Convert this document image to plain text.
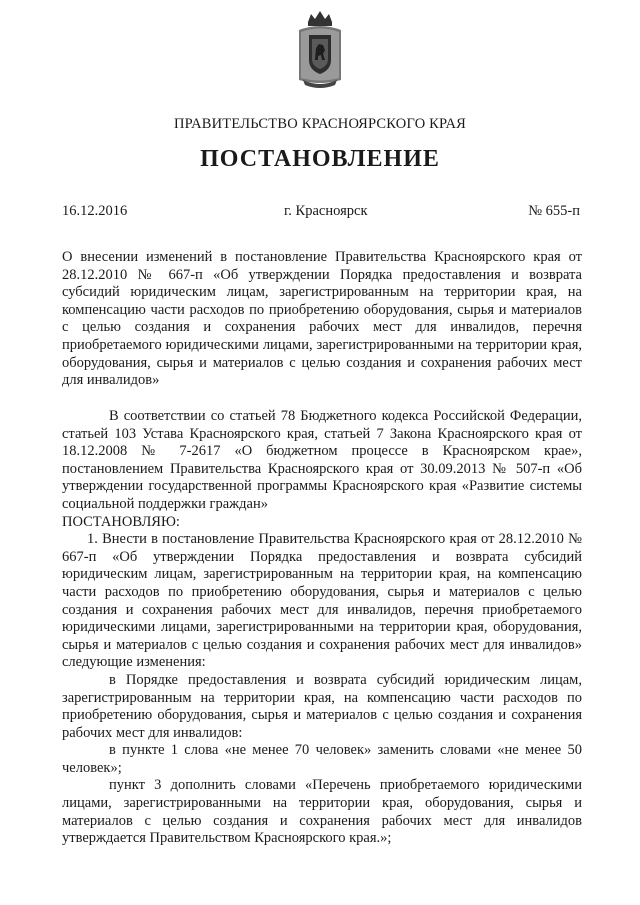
ПРАВИТЕЛЬСТВО КРАСНОЯРСКОГО КРАЯ
ПОСТАНОВЛЕНИЕ
16.12.2016	г. Красноярск	№ 655-п
О внесении изменений в постановление Правительства Красноярского края от 28.12.2010 № 667-п «Об утверждении Порядка предоставления и возврата субсидий юридическим лицам, зарегистрированным на территории края, на компенсацию части расходов по приобретению оборудования, сырья и материалов с целью создания и сохранения рабочих мест для инвалидов, перечня приобретаемого юридическими лицами, зарегистрированными на территории края, оборудования, сырья и материалов с целью создания и сохранения рабочих мест для инвалидов»

В соответствии со статьей 78 Бюджетного кодекса Российской Федерации, статьей 103 Устава Красноярского края, статьей 7 Закона Красноярского края от 18.12.2008 № 7-2617 «О бюджетном процессе в Красноярском крае», постановлением Правительства Красноярского края от 30.09.2013 № 507-п «Об утверждении государственной программы Красноярского края «Развитие системы социальной поддержки граждан»

ПОСТАНОВЛЯЮ:

1. Внести в постановление Правительства Красноярского края от 28.12.2010 № 667-п «Об утверждении Порядка предоставления и возврата субсидий юридическим лицам, зарегистрированным на территории края, на компенсацию части расходов по приобретению оборудования, сырья и материалов с целью создания и сохранения рабочих мест для инвалидов, перечня приобретаемого юридическими лицами, зарегистрированными на территории края, оборудования, сырья и материалов с целью создания и сохранения рабочих мест для инвалидов» следующие изменения:

в Порядке предоставления и возврата субсидий юридическим лицам, зарегистрированным на территории края, на компенсацию части расходов по приобретению оборудования, сырья и материалов с целью создания и сохранения рабочих мест для инвалидов:

в пункте 1 слова «не менее 70 человек» заменить словами «не менее 50 человек»;

пункт 3 дополнить словами «Перечень приобретаемого юридическими лицами, зарегистрированными на территории края, оборудования, сырья и материалов с целью создания и сохранения рабочих мест для инвалидов утверждается Правительством Красноярского края.»;
